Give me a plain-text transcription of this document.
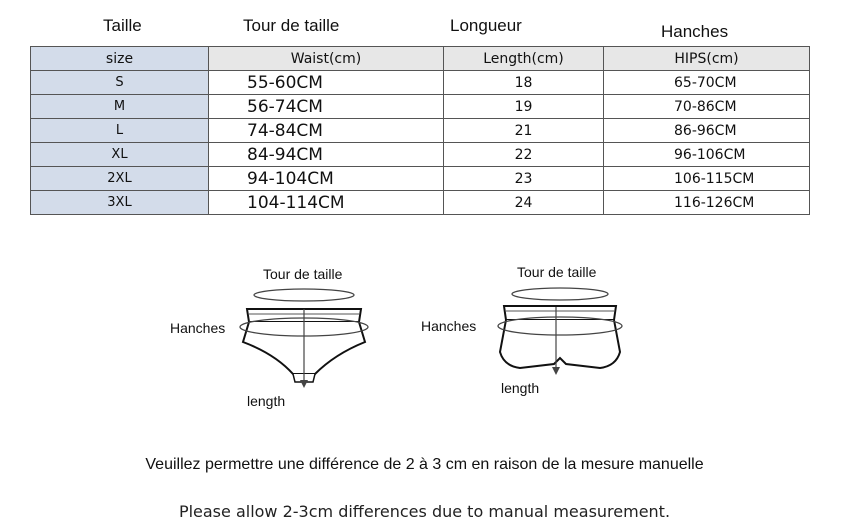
Taille	Tour de taille	Longueur	Hanches
size	Waist(cm)	Length(cm)	HIPS(cm)
S	55-60CM	18	65-70CM
M	56-74CM	19	70-86CM
L	74-84CM	21	86-96CM
XL	84-94CM	22	96-106CM
2XL	94-104CM	23	106-115CM
3XL	104-114CM	24	116-126CM
Tour de taille
Hanches
length
Tour de taille
Hanches
length
Veuillez permettre une différence de 2 à 3 cm en raison de la mesure manuelle
Please allow 2-3cm differences due to manual measurement.
